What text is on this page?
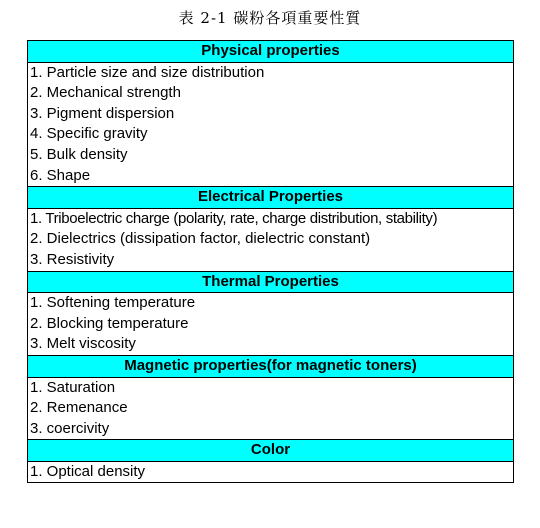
表 2-1 碳粉各項重要性質
Physical properties
1. Particle size and size distribution
2. Mechanical strength
3. Pigment dispersion
4. Specific gravity
5. Bulk density
6. Shape
Electrical Properties
1. Triboelectric charge (polarity, rate, charge distribution, stability)
2. Dielectrics (dissipation factor, dielectric constant)
3. Resistivity
Thermal Properties
1. Softening temperature
2. Blocking temperature
3. Melt viscosity
Magnetic properties(for magnetic toners)
1. Saturation
2. Remenance
3. coercivity
Color
1. Optical density
